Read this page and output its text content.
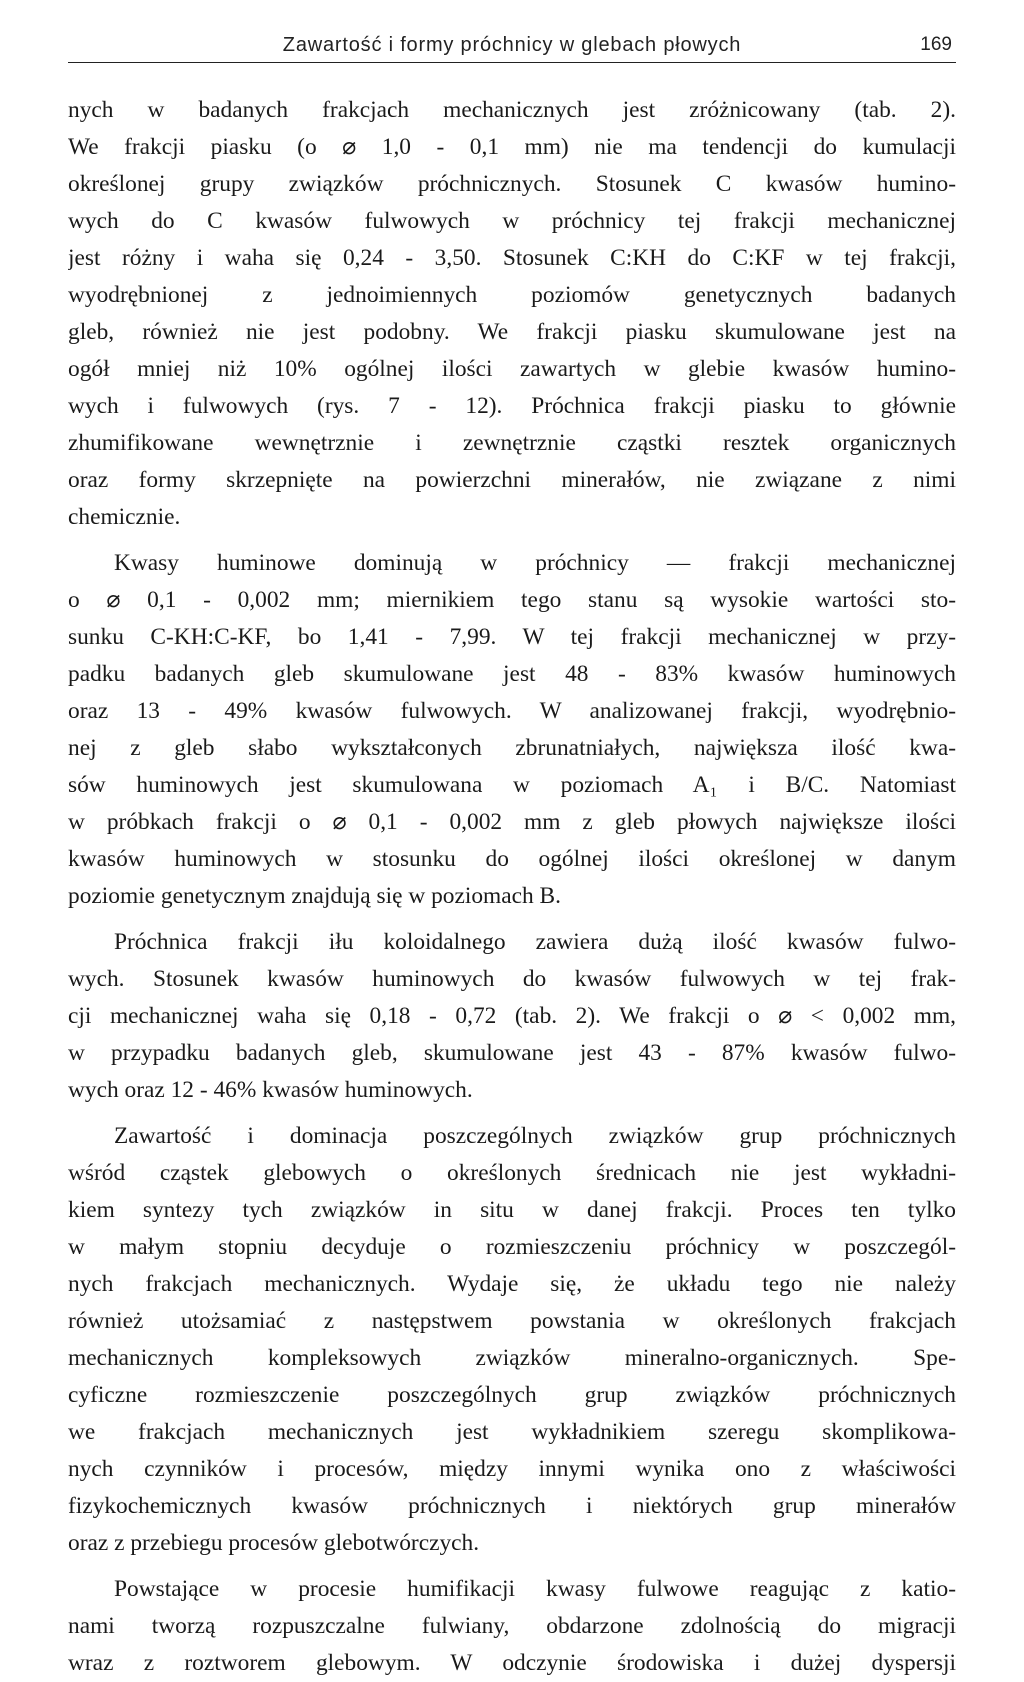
Zawartość i formy próchnicy w glebach płowych	169
nych w badanych frakcjach mechanicznych jest zróżnicowany (tab. 2).
We frakcji piasku (o ⌀ 1,0 - 0,1 mm) nie ma tendencji do kumulacji
określonej grupy związków próchnicznych. Stosunek C kwasów humino-
wych do C kwasów fulwowych w próchnicy tej frakcji mechanicznej
jest różny i waha się 0,24 - 3,50. Stosunek C:KH do C:KF w tej frakcji,
wyodrębnionej z jednoimiennych poziomów genetycznych badanych
gleb, również nie jest podobny. We frakcji piasku skumulowane jest na
ogół mniej niż 10% ogólnej ilości zawartych w glebie kwasów humino-
wych i fulwowych (rys. 7 - 12). Próchnica frakcji piasku to głównie
zhumifikowane wewnętrznie i zewnętrznie cząstki resztek organicznych
oraz formy skrzepnięte na powierzchni minerałów, nie związane z nimi
chemicznie.
Kwasy huminowe dominują w próchnicy — frakcji mechanicznej
o ⌀ 0,1 - 0,002 mm; miernikiem tego stanu są wysokie wartości sto-
sunku C-KH:C-KF, bo 1,41 - 7,99. W tej frakcji mechanicznej w przy-
padku badanych gleb skumulowane jest 48 - 83% kwasów huminowych
oraz 13 - 49% kwasów fulwowych. W analizowanej frakcji, wyodrębnio-
nej z gleb słabo wykształconych zbrunatniałych, największa ilość kwa-
sów huminowych jest skumulowana w poziomach A₁ i B/C. Natomiast
w próbkach frakcji o ⌀ 0,1 - 0,002 mm z gleb płowych największe ilości
kwasów huminowych w stosunku do ogólnej ilości określonej w danym
poziomie genetycznym znajdują się w poziomach B.
Próchnica frakcji iłu koloidalnego zawiera dużą ilość kwasów fulwo-
wych. Stosunek kwasów huminowych do kwasów fulwowych w tej frak-
cji mechanicznej waha się 0,18 - 0,72 (tab. 2). We frakcji o ⌀ < 0,002 mm,
w przypadku badanych gleb, skumulowane jest 43 - 87% kwasów fulwo-
wych oraz 12 - 46% kwasów huminowych.
Zawartość i dominacja poszczególnych związków grup próchnicznych
wśród cząstek glebowych o określonych średnicach nie jest wykładni-
kiem syntezy tych związków in situ w danej frakcji. Proces ten tylko
w małym stopniu decyduje o rozmieszczeniu próchnicy w poszczegól-
nych frakcjach mechanicznych. Wydaje się, że układu tego nie należy
również utożsamiać z następstwem powstania w określonych frakcjach
mechanicznych kompleksowych związków mineralno-organicznych. Spe-
cyficzne rozmieszczenie poszczególnych grup związków próchnicznych
we frakcjach mechanicznych jest wykładnikiem szeregu skomplikowa-
nych czynników i procesów, między innymi wynika ono z właściwości
fizykochemicznych kwasów próchnicznych i niektórych grup minerałów
oraz z przebiegu procesów glebotwórczych.
Powstające w procesie humifikacji kwasy fulwowe reagując z katio-
nami tworzą rozpuszczalne fulwiany, obdarzone zdolnością do migracji
wraz z roztworem glebowym. W odczynie środowiska i dużej dyspersji
